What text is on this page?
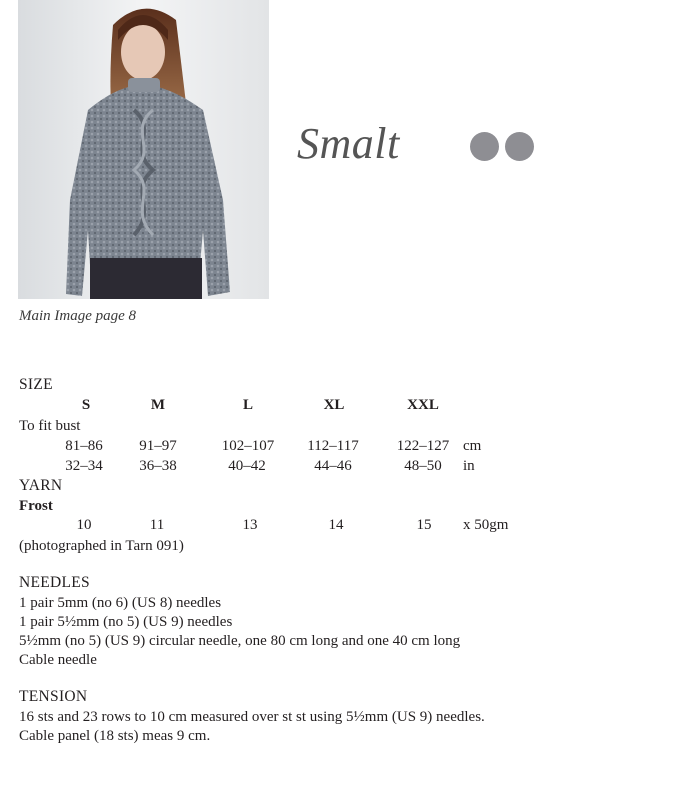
Main Image page 8
Smalt
SIZE
S	M	L	XL	XXL
To fit bust
81–86 91–97	102–107 112–117	122–127 cm
32–34 36–38	40–42	44–46	48–50 in
YARN
Frost
10	11	13	14	15 x 50gm
(photographed in Tarn 091)
NEEDLES
1 pair 5mm (no 6) (US 8) needles
1 pair 5½mm (no 5) (US 9) needles
5½mm (no 5) (US 9) circular needle, one 80 cm long and one 40 cm long
Cable needle
TENSION
16 sts and 23 rows to 10 cm measured over st st using 5½mm (US 9) needles.
Cable panel (18 sts) meas 9 cm.
